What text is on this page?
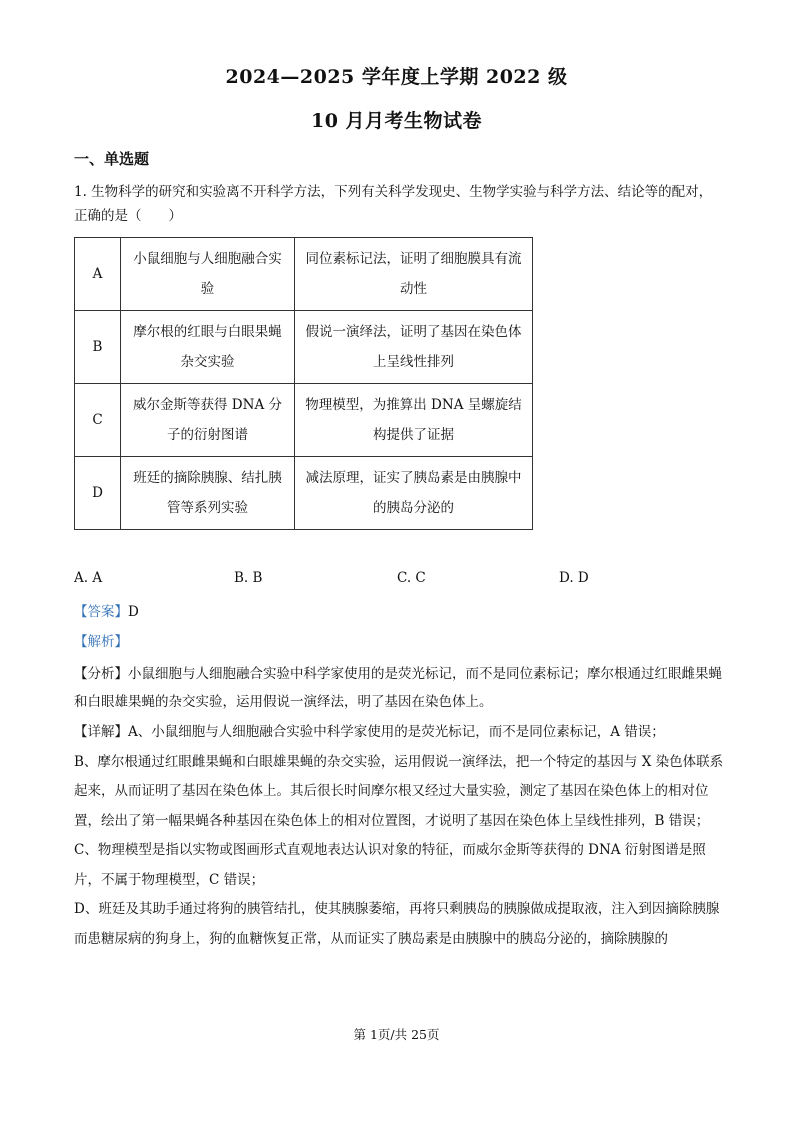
2024—2025 学年度上学期 2022 级
10 月月考生物试卷
一、单选题
1. 生物科学的研究和实验离不开科学方法，下列有关科学发现史、生物学实验与科学方法、结论等的配对，正确的是（　　）
A	小鼠细胞与人细胞融合实验	同位素标记法，证明了细胞膜具有流动性
B	摩尔根的红眼与白眼果蝇杂交实验	假说一演绎法，证明了基因在染色体上呈线性排列
C	威尔金斯等获得 DNA 分子的衍射图谱	物理模型，为推算出 DNA 呈螺旋结构提供了证据
D	班廷的摘除胰腺、结扎胰管等系列实验	减法原理，证实了胰岛素是由胰腺中的胰岛分泌的
A. A	B. B	C. C	D. D
【答案】D
【解析】
【分析】小鼠细胞与人细胞融合实验中科学家使用的是荧光标记，而不是同位素标记；摩尔根通过红眼雌果蝇和白眼雄果蝇的杂交实验，运用假说一演绎法，明了基因在染色体上。
【详解】A、小鼠细胞与人细胞融合实验中科学家使用的是荧光标记，而不是同位素标记，A 错误；
B、摩尔根通过红眼雌果蝇和白眼雄果蝇的杂交实验，运用假说一演绎法，把一个特定的基因与 X 染色体联系起来，从而证明了基因在染色体上。其后很长时间摩尔根又经过大量实验，测定了基因在染色体上的相对位置，绘出了第一幅果蝇各种基因在染色体上的相对位置图，才说明了基因在染色体上呈线性排列，B 错误；
C、物理模型是指以实物或图画形式直观地表达认识对象的特征，而威尔金斯等获得的 DNA 衍射图谱是照片，不属于物理模型，C 错误；
D、班廷及其助手通过将狗的胰管结扎，使其胰腺萎缩，再将只剩胰岛的胰腺做成提取液，注入到因摘除胰腺而患糖尿病的狗身上，狗的血糖恢复正常，从而证实了胰岛素是由胰腺中的胰岛分泌的，摘除胰腺的
第 1页/共 25页
